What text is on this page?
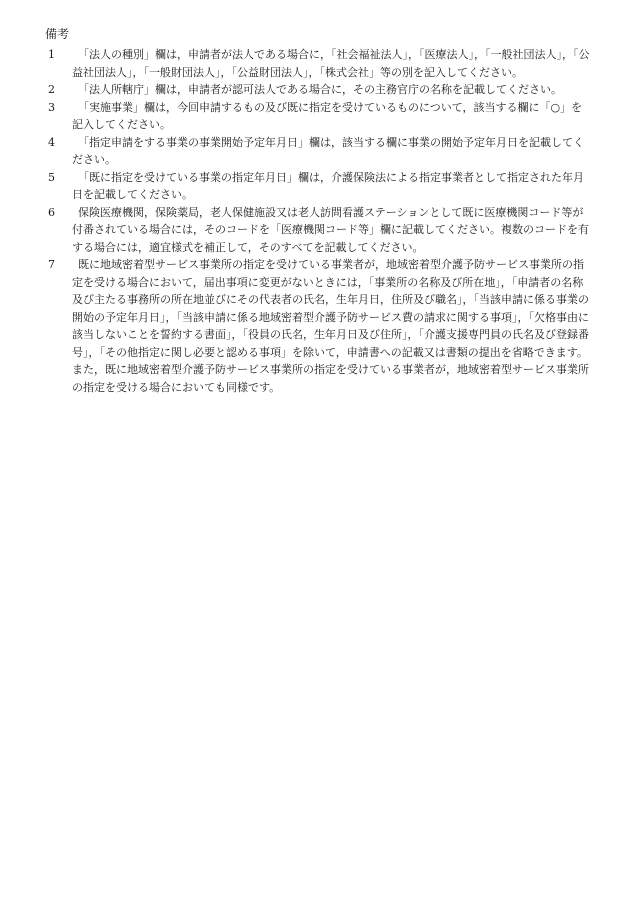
備考
1 「法人の種別」欄は，申請者が法人である場合に，「社会福祉法人」，「医療法人」，「一般社団法人」，「公益社団法人」，「一般財団法人」，「公益財団法人」，「株式会社」等の別を記入してください。
2 「法人所轄庁」欄は，申請者が認可法人である場合に，その主務官庁の名称を記載してください。
3 「実施事業」欄は，今回申請するもの及び既に指定を受けているものについて，該当する欄に「○」を記入してください。
4 「指定申請をする事業の事業開始予定年月日」欄は，該当する欄に事業の開始予定年月日を記載してください。
5 「既に指定を受けている事業の指定年月日」欄は，介護保険法による指定事業者として指定された年月日を記載してください。
6 保険医療機関，保険薬局，老人保健施設又は老人訪問看護ステーションとして既に医療機関コード等が付番されている場合には，そのコードを「医療機関コード等」欄に記載してください。複数のコードを有する場合には，適宜様式を補正して，そのすべてを記載してください。
7 既に地域密着型サービス事業所の指定を受けている事業者が，地域密着型介護予防サービス事業所の指定を受ける場合において，届出事項に変更がないときには，「事業所の名称及び所在地」，「申請者の名称及び主たる事務所の所在地並びにその代表者の氏名，生年月日，住所及び職名」，「当該申請に係る事業の開始の予定年月日」，「当該申請に係る地域密着型介護予防サービス費の請求に関する事項」，「欠格事由に該当しないことを誓約する書面」，「役員の氏名，生年月日及び住所」，「介護支援専門員の氏名及び登録番号」，「その他指定に関し必要と認める事項」を除いて，申請書への記載又は書類の提出を省略できます。また，既に地域密着型介護予防サービス事業所の指定を受けている事業者が，地域密着型サービス事業所の指定を受ける場合においても同様です。
